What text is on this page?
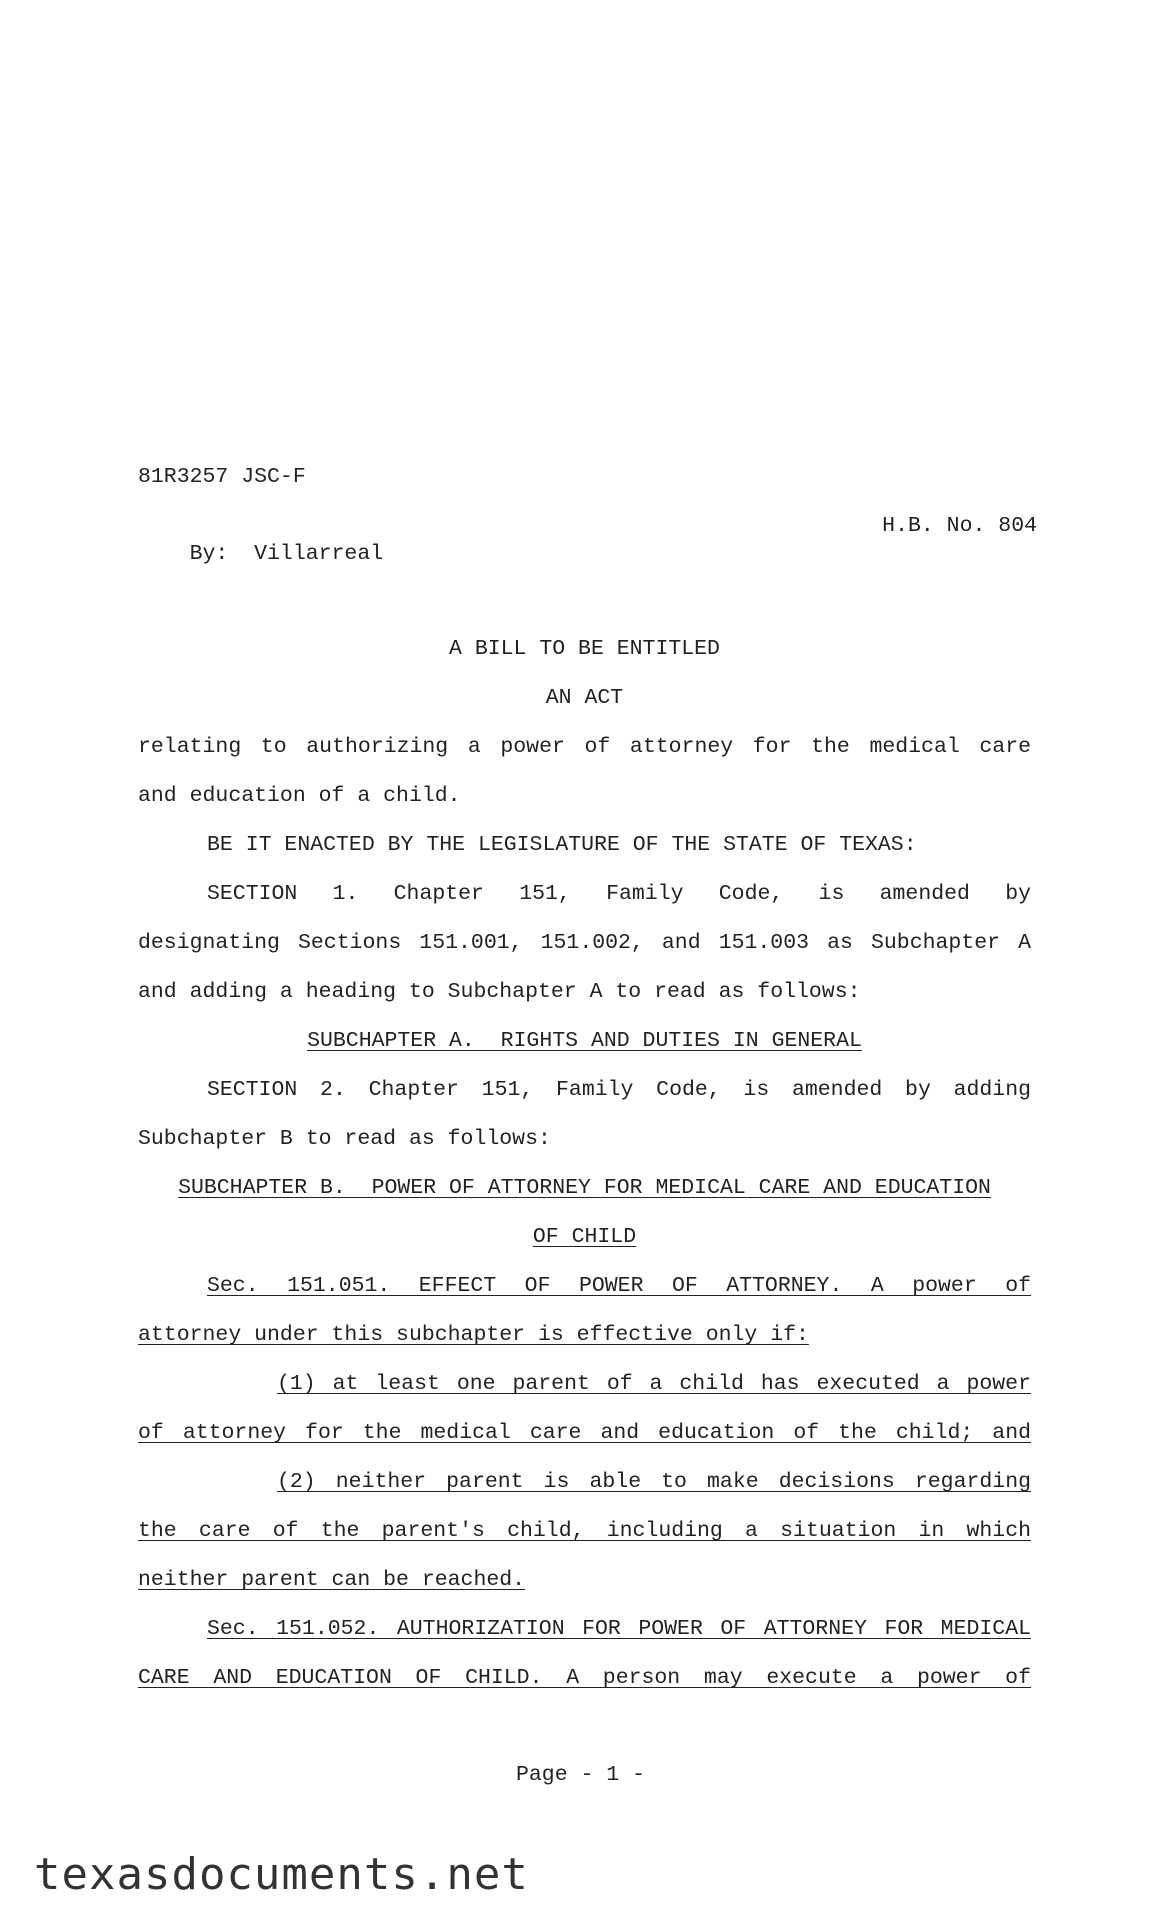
81R3257 JSC-F

By:  Villarreal

H.B. No. 804

A BILL TO BE ENTITLED
AN ACT
relating to authorizing a power of attorney for the medical care
and education of a child.
BE IT ENACTED BY THE LEGISLATURE OF THE STATE OF TEXAS:
SECTION 1. Chapter 151, Family Code, is amended by
designating Sections 151.001, 151.002, and 151.003 as Subchapter A
and adding a heading to Subchapter A to read as follows:
SUBCHAPTER A.  RIGHTS AND DUTIES IN GENERAL
SECTION 2. Chapter 151, Family Code, is amended by adding
Subchapter B to read as follows:
SUBCHAPTER B.  POWER OF ATTORNEY FOR MEDICAL CARE AND EDUCATION
OF CHILD
Sec. 151.051. EFFECT OF POWER OF ATTORNEY. A power of
attorney under this subchapter is effective only if:
(1) at least one parent of a child has executed a power
of attorney for the medical care and education of the child; and
(2) neither parent is able to make decisions regarding
the care of the parent's child, including a situation in which
neither parent can be reached.
Sec. 151.052. AUTHORIZATION FOR POWER OF ATTORNEY FOR MEDICAL
CARE AND EDUCATION OF CHILD. A person may execute a power of
Page - 1 -
texasdocuments.net
